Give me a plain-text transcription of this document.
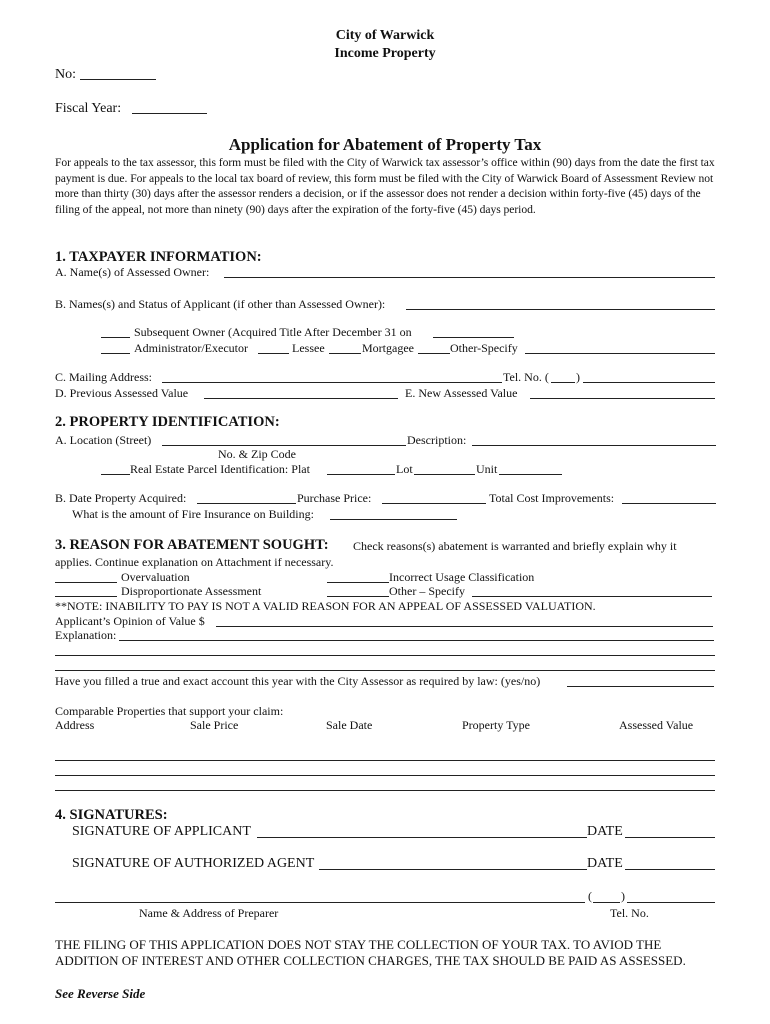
City of Warwick
Income Property
No:
Fiscal Year:
Application for Abatement of Property Tax
For appeals to the tax assessor, this form must be filed with the City of Warwick tax assessor’s office within (90) days from the date the first tax payment is due. For appeals to the local tax board of review, this form must be filed with the City of Warwick Board of Assessment Review not more than thirty (30) days after the assessor renders a decision, or if the assessor does not render a decision within forty-five (45) days of the filing of the appeal, not more than ninety (90) days after the expiration of the forty-five (45) days period.
1. TAXPAYER INFORMATION:
A. Name(s) of Assessed Owner:
B. Names(s) and Status of Applicant (if other than Assessed Owner):
Subsequent Owner (Acquired Title After December 31 on
Administrator/Executor	Lessee	Mortgagee	Other-Specify
C. Mailing Address:	Tel. No. ( )
D. Previous Assessed Value	E. New Assessed Value
2. PROPERTY IDENTIFICATION:
A. Location (Street)	Description:
No. & Zip Code
Real Estate Parcel Identification: Plat	Lot	Unit
B. Date Property Acquired:	Purchase Price:	Total Cost Improvements:
What is the amount of Fire Insurance on Building:
3. REASON FOR ABATEMENT SOUGHT: Check reasons(s) abatement is warranted and briefly explain why it
applies. Continue explanation on Attachment if necessary.
Overvaluation	Incorrect Usage Classification
Disproportionate Assessment	Other – Specify
**NOTE: INABILITY TO PAY IS NOT A VALID REASON FOR AN APPEAL OF ASSESSED VALUATION.
Applicant’s Opinion of Value $
Explanation:
Have you filled a true and exact account this year with the City Assessor as required by law: (yes/no)
Comparable Properties that support your claim:
Address	Sale Price	Sale Date	Property Type	Assessed Value
4. SIGNATURES:
SIGNATURE OF APPLICANT	DATE
SIGNATURE OF AUTHORIZED AGENT	DATE
( )
Name & Address of Preparer	Tel. No.
THE FILING OF THIS APPLICATION DOES NOT STAY THE COLLECTION OF YOUR TAX. TO AVIOD THE ADDITION OF INTEREST AND OTHER COLLECTION CHARGES, THE TAX SHOULD BE PAID AS ASSESSED.
See Reverse Side
